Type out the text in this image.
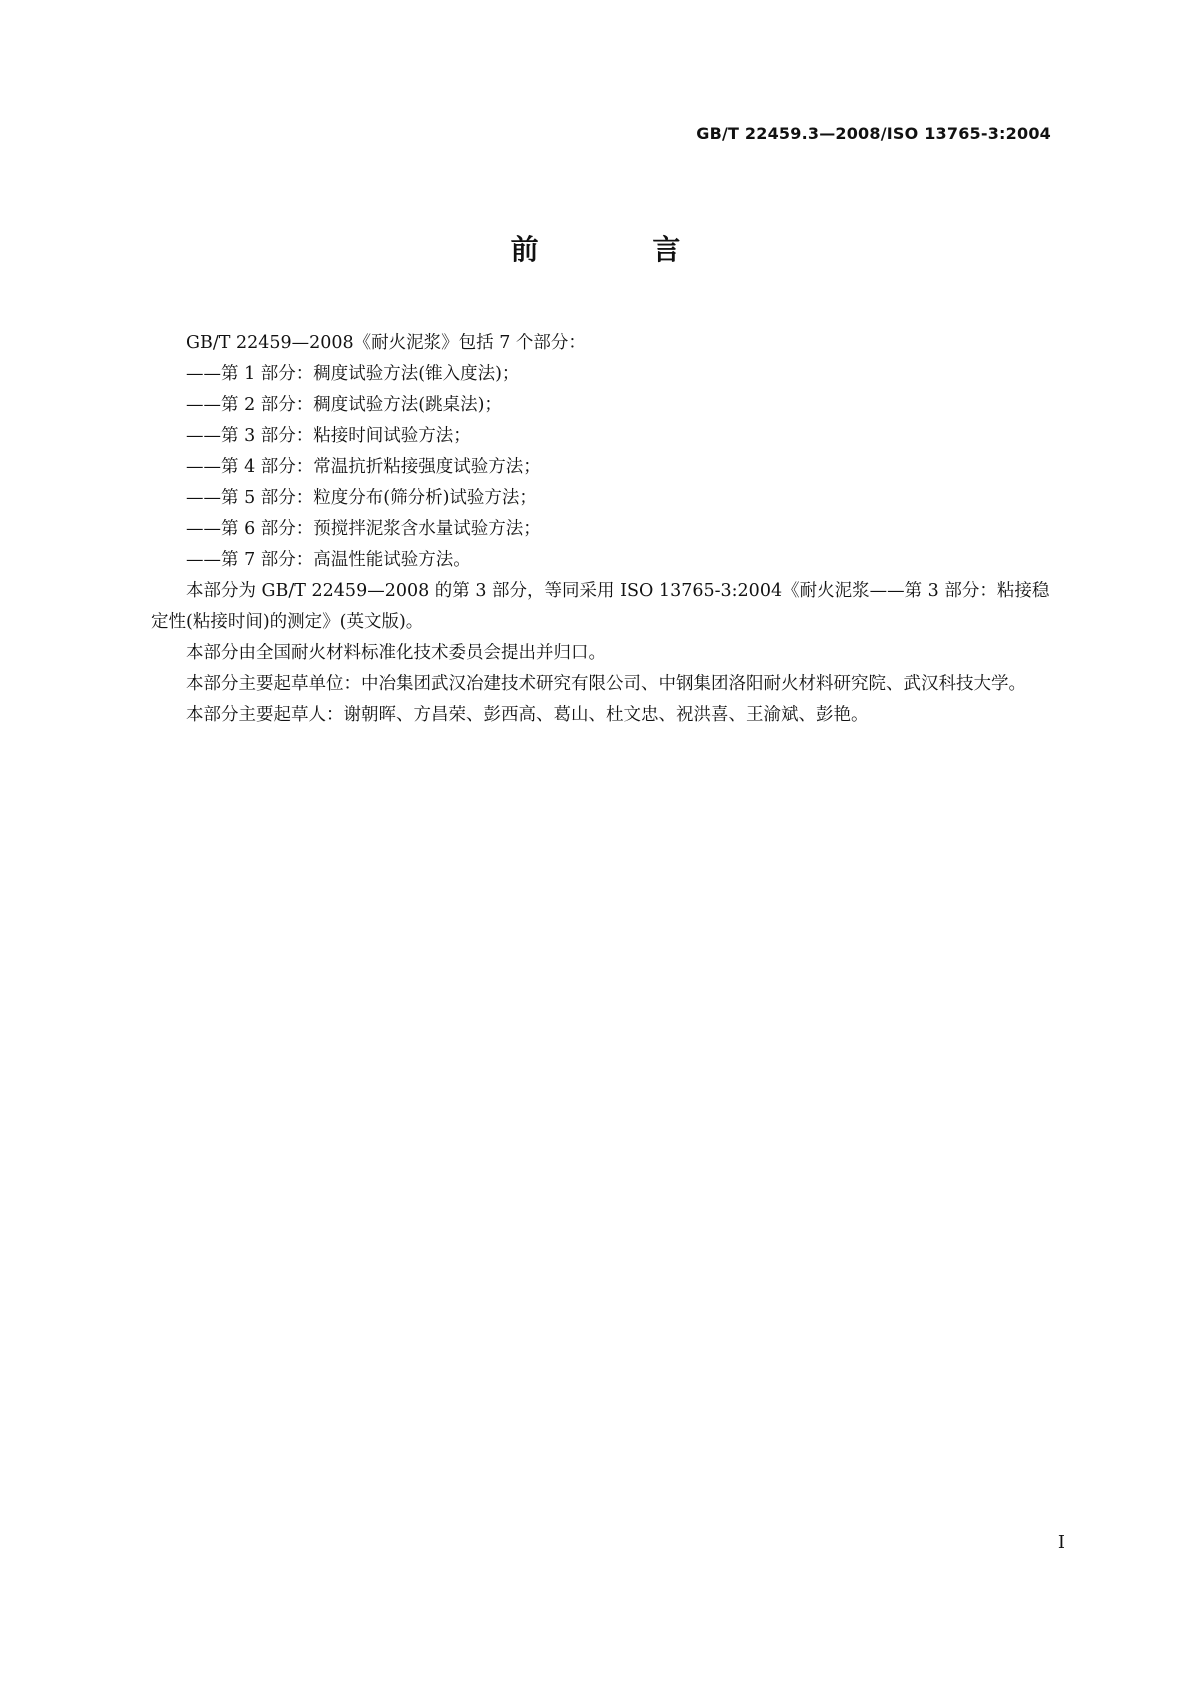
GB/T 22459.3—2008/ISO 13765-3:2004
前 言

GB/T 22459—2008《耐火泥浆》包括 7 个部分：

——第 1 部分：稠度试验方法(锥入度法)；

——第 2 部分：稠度试验方法(跳桌法)；

——第 3 部分：粘接时间试验方法；

——第 4 部分：常温抗折粘接强度试验方法；

——第 5 部分：粒度分布(筛分析)试验方法；

——第 6 部分：预搅拌泥浆含水量试验方法；

——第 7 部分：高温性能试验方法。

本部分为 GB/T 22459—2008 的第 3 部分，等同采用 ISO 13765-3:2004《耐火泥浆——第 3 部分：粘接稳定性(粘接时间)的测定》(英文版)。

本部分由全国耐火材料标准化技术委员会提出并归口。

本部分主要起草单位：中冶集团武汉冶建技术研究有限公司、中钢集团洛阳耐火材料研究院、武汉科技大学。

本部分主要起草人：谢朝晖、方昌荣、彭西高、葛山、杜文忠、祝洪喜、王渝斌、彭艳。

I
